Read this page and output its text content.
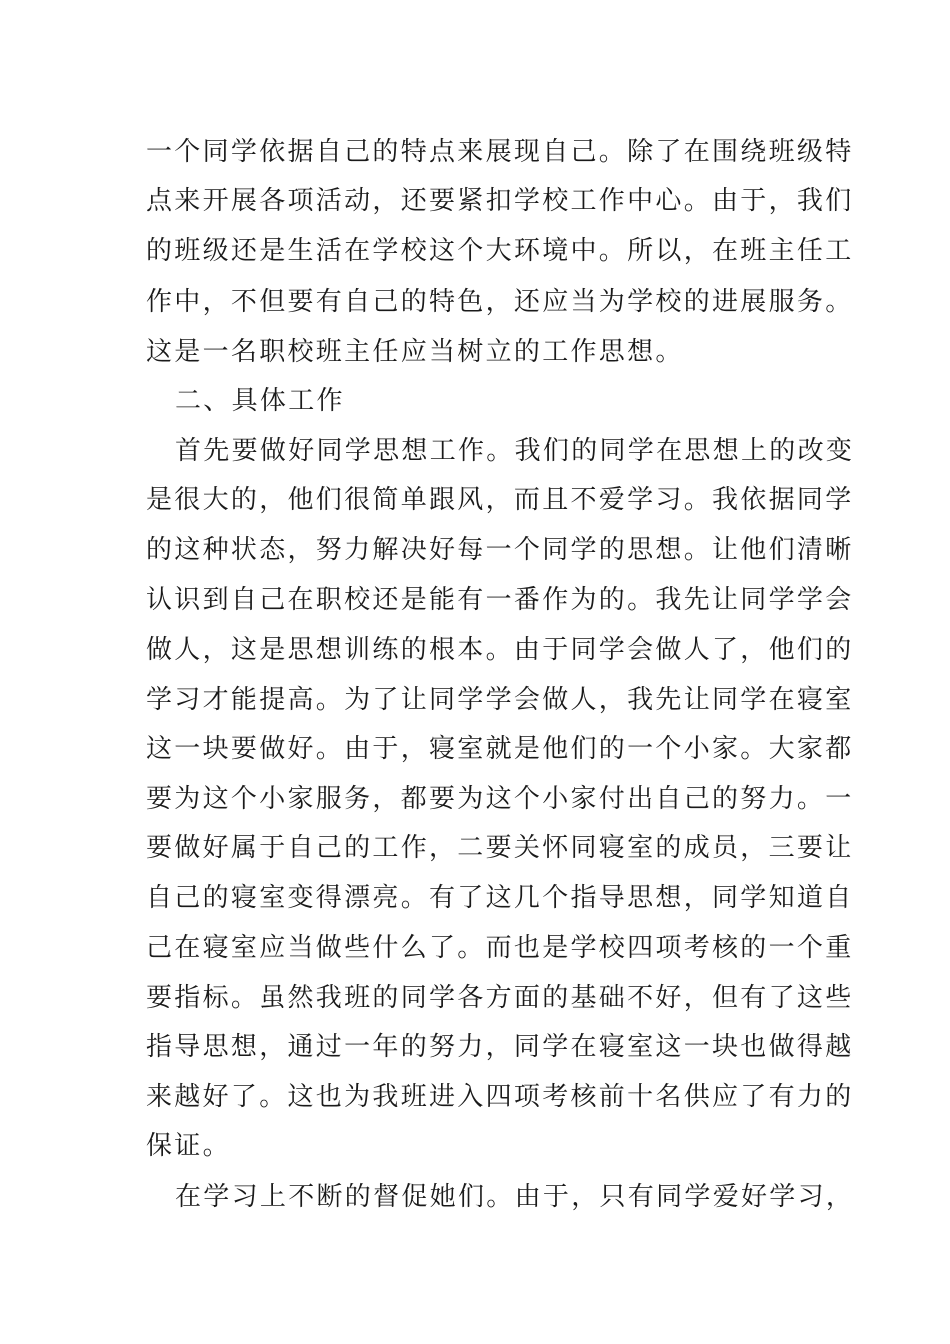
一个同学依据自己的特点来展现自己。除了在围绕班级特
点来开展各项活动，还要紧扣学校工作中心。由于，我们
的班级还是生活在学校这个大环境中。所以，在班主任工
作中，不但要有自己的特色，还应当为学校的进展服务。
这是一名职校班主任应当树立的工作思想。
二、具体工作
首先要做好同学思想工作。我们的同学在思想上的改变
是很大的，他们很简单跟风，而且不爱学习。我依据同学
的这种状态，努力解决好每一个同学的思想。让他们清晰
认识到自己在职校还是能有一番作为的。我先让同学学会
做人，这是思想训练的根本。由于同学会做人了，他们的
学习才能提高。为了让同学学会做人，我先让同学在寝室
这一块要做好。由于，寝室就是他们的一个小家。大家都
要为这个小家服务，都要为这个小家付出自己的努力。一
要做好属于自己的工作，二要关怀同寝室的成员，三要让
自己的寝室变得漂亮。有了这几个指导思想，同学知道自
己在寝室应当做些什么了。而也是学校四项考核的一个重
要指标。虽然我班的同学各方面的基础不好，但有了这些
指导思想，通过一年的努力，同学在寝室这一块也做得越
来越好了。这也为我班进入四项考核前十名供应了有力的
保证。
在学习上不断的督促她们。由于，只有同学爱好学习，
